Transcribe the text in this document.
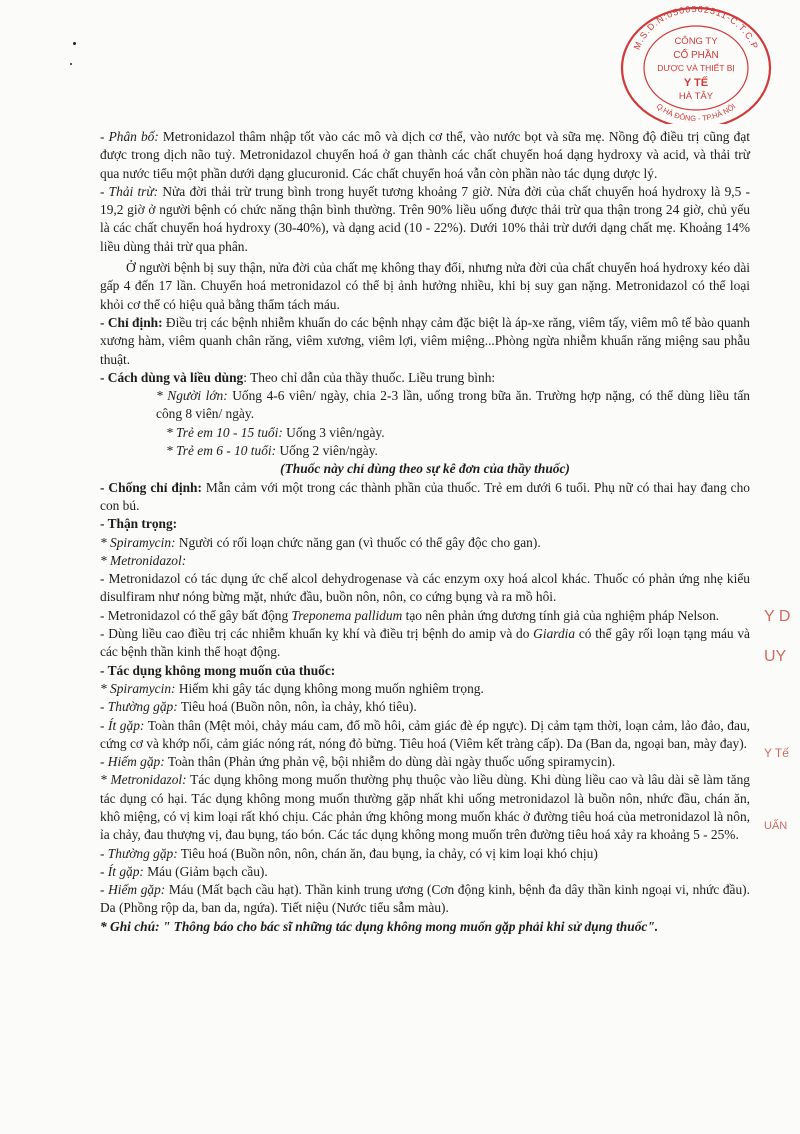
M.S.D.N:0500562511-C.T.C.P
Q.HÀ ĐÔNG - TP.HÀ NỘI
CÔNG TY
CỔ PHẦN
DƯỢC VÀ THIẾT BỊ
Y TẾ
HÀ TÂY
Y D
UY
Y Tế
UẤN

- Phân bố: Metronidazol thâm nhập tốt vào các mô và dịch cơ thể, vào nước bọt và sữa mẹ. Nồng độ điều trị cũng đạt được trong dịch não tuỷ. Metronidazol chuyển hoá ở gan thành các chất chuyển hoá dạng hydroxy và acid, và thải trừ qua nước tiểu một phần dưới dạng glucuronid. Các chất chuyển hoá vẫn còn phần nào tác dụng dược lý.

- Thải trừ: Nửa đời thải trừ trung bình trong huyết tương khoảng 7 giờ. Nửa đời của chất chuyển hoá hydroxy là 9,5 - 19,2 giờ ở người bệnh có chức năng thận bình thường. Trên 90% liều uống được thải trừ qua thận trong 24 giờ, chủ yếu là các chất chuyển hoá hydroxy (30-40%), và dạng acid (10 - 22%). Dưới 10% thải trừ dưới dạng chất mẹ. Khoảng 14% liều dùng thải trừ qua phân.

Ở người bệnh bị suy thận, nửa đời của chất mẹ không thay đổi, nhưng nửa đời của chất chuyển hoá hydroxy kéo dài gấp 4 đến 17 lần. Chuyển hoá metronidazol có thể bị ảnh hưởng nhiều, khi bị suy gan nặng. Metronidazol có thể loại khỏi cơ thể có hiệu quả bằng thẩm tách máu.

- Chỉ định: Điều trị các bệnh nhiễm khuẩn do các bệnh nhạy cảm đặc biệt là áp-xe răng, viêm tấy, viêm mô tế bào quanh xương hàm, viêm quanh chân răng, viêm xương, viêm lợi, viêm miệng...Phòng ngừa nhiễm khuẩn răng miệng sau phẫu thuật.

- Cách dùng và liều dùng: Theo chỉ dẫn của thầy thuốc. Liều trung bình:

* Người lớn: Uống 4-6 viên/ ngày, chia 2-3 lần, uống trong bữa ăn. Trường hợp nặng, có thể dùng liều tấn công 8 viên/ ngày.

* Trẻ em 10 - 15 tuổi: Uống 3 viên/ngày.

* Trẻ em 6 - 10 tuổi: Uống 2 viên/ngày.

(Thuốc này chỉ dùng theo sự kê đơn của thầy thuốc)

- Chống chỉ định: Mẫn cảm với một trong các thành phần của thuốc. Trẻ em dưới 6 tuổi. Phụ nữ có thai hay đang cho con bú.

- Thận trọng:

* Spiramycin: Người có rối loạn chức năng gan (vì thuốc có thể gây độc cho gan).

* Metronidazol:

- Metronidazol có tác dụng ức chế alcol dehydrogenase và các enzym oxy hoá alcol khác. Thuốc có phản ứng nhẹ kiểu disulfiram như nóng bừng mặt, nhức đầu, buồn nôn, nôn, co cứng bụng và ra mồ hôi.

- Metronidazol có thể gây bất động Treponema pallidum tạo nên phản ứng dương tính giả của nghiệm pháp Nelson.

- Dùng liều cao điều trị các nhiễm khuẩn kỵ khí và điều trị bệnh do amip và do Giardia có thể gây rối loạn tạng máu và các bệnh thần kinh thể hoạt động.

- Tác dụng không mong muốn của thuốc:

* Spiramycin: Hiếm khi gây tác dụng không mong muốn nghiêm trọng.

- Thường gặp: Tiêu hoá (Buồn nôn, nôn, ỉa chảy, khó tiêu).

- Ít gặp: Toàn thân (Mệt mỏi, chảy máu cam, đổ mồ hôi, cảm giác đè ép ngực). Dị cảm tạm thời, loạn cảm, lảo đảo, đau, cứng cơ và khớp nối, cảm giác nóng rát, nóng đỏ bừng. Tiêu hoá (Viêm kết tràng cấp). Da (Ban da, ngoại ban, mày đay).

- Hiếm gặp: Toàn thân (Phản ứng phản vệ, bội nhiễm do dùng dài ngày thuốc uống spiramycin).

* Metronidazol: Tác dụng không mong muốn thường phụ thuộc vào liều dùng. Khi dùng liều cao và lâu dài sẽ làm tăng tác dụng có hại. Tác dụng không mong muốn thường gặp nhất khi uống metronidazol là buồn nôn, nhức đầu, chán ăn, khô miệng, có vị kim loại rất khó chịu. Các phản ứng không mong muốn khác ở đường tiêu hoá của metronidazol là nôn, ỉa chảy, đau thượng vị, đau bụng, táo bón. Các tác dụng không mong muốn trên đường tiêu hoá xảy ra khoảng 5 - 25%.

- Thường gặp: Tiêu hoá (Buồn nôn, nôn, chán ăn, đau bụng, ỉa chảy, có vị kim loại khó chịu)

- Ít gặp: Máu (Giảm bạch cầu).

- Hiếm gặp: Máu (Mất bạch cầu hạt). Thần kinh trung ương (Cơn động kinh, bệnh đa dây thần kinh ngoại vi, nhức đầu). Da (Phồng rộp da, ban da, ngứa). Tiết niệu (Nước tiểu sẫm màu).

* Ghi chú: " Thông báo cho bác sĩ những tác dụng không mong muốn gặp phải khi sử dụng thuốc".
